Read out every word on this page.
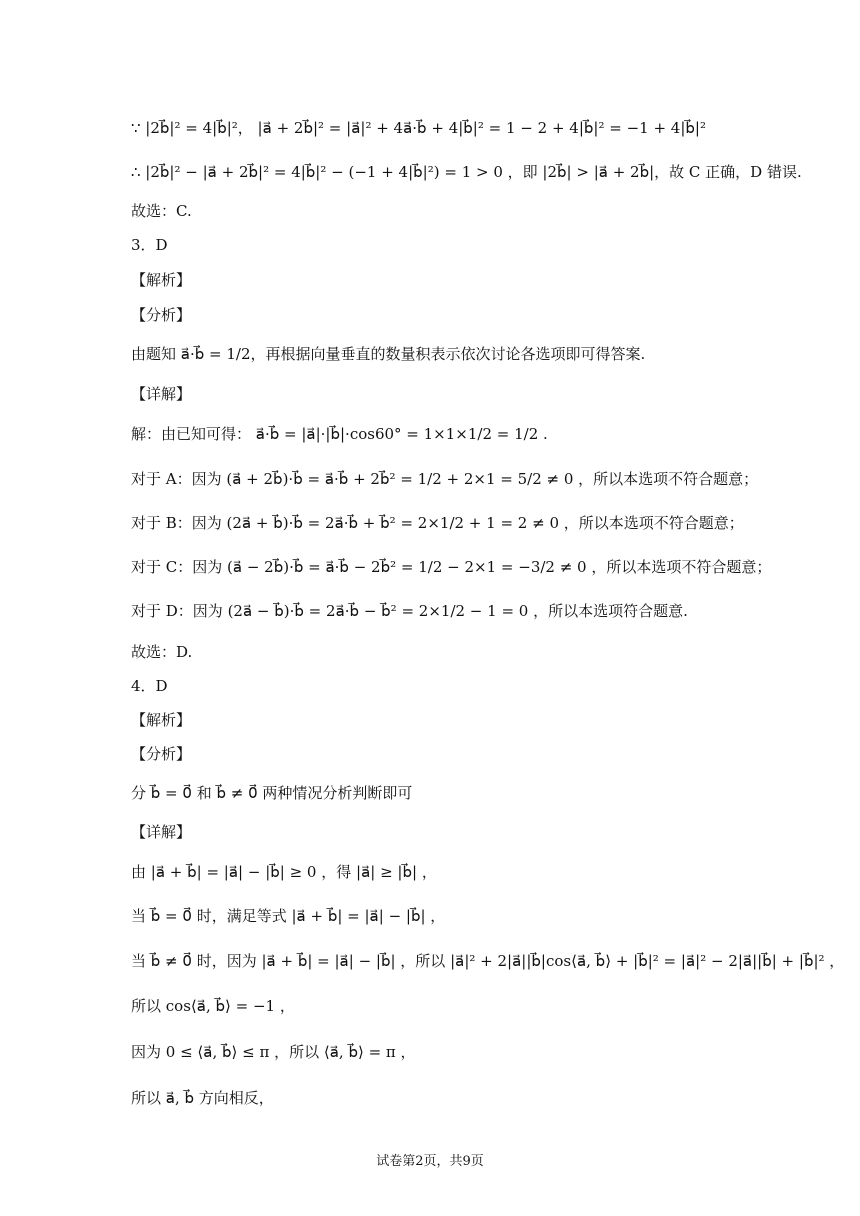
∵ |2b⃗|² = 4|b⃗|²， |a⃗ + 2b⃗|² = |a⃗|² + 4a⃗·b⃗ + 4|b⃗|² = 1 − 2 + 4|b⃗|² = −1 + 4|b⃗|²
∴ |2b⃗|² − |a⃗ + 2b⃗|² = 4|b⃗|² − (−1 + 4|b⃗|²) = 1 > 0 ，即 |2b⃗| > |a⃗ + 2b⃗|，故 C 正确，D 错误.
故选：C.
3．D
【解析】
【分析】
由题知 a⃗·b⃗ = 1/2，再根据向量垂直的数量积表示依次讨论各选项即可得答案.
【详解】
解：由已知可得： a⃗·b⃗ = |a⃗|·|b⃗|·cos60° = 1×1×1/2 = 1/2 .
对于 A：因为 (a⃗ + 2b⃗)·b⃗ = a⃗·b⃗ + 2b⃗² = 1/2 + 2×1 = 5/2 ≠ 0 ，所以本选项不符合题意；
对于 B：因为 (2a⃗ + b⃗)·b⃗ = 2a⃗·b⃗ + b⃗² = 2×1/2 + 1 = 2 ≠ 0 ，所以本选项不符合题意；
对于 C：因为 (a⃗ − 2b⃗)·b⃗ = a⃗·b⃗ − 2b⃗² = 1/2 − 2×1 = −3/2 ≠ 0 ，所以本选项不符合题意；
对于 D：因为 (2a⃗ − b⃗)·b⃗ = 2a⃗·b⃗ − b⃗² = 2×1/2 − 1 = 0 ，所以本选项符合题意.
故选：D.
4．D
【解析】
【分析】
分 b⃗ = 0⃗ 和 b⃗ ≠ 0⃗ 两种情况分析判断即可
【详解】
由 |a⃗ + b⃗| = |a⃗| − |b⃗| ≥ 0 ，得 |a⃗| ≥ |b⃗| ，
当 b⃗ = 0⃗ 时，满足等式 |a⃗ + b⃗| = |a⃗| − |b⃗| ，
当 b⃗ ≠ 0⃗ 时，因为 |a⃗ + b⃗| = |a⃗| − |b⃗| ，所以 |a⃗|² + 2|a⃗||b⃗|cos⟨a⃗, b⃗⟩ + |b⃗|² = |a⃗|² − 2|a⃗||b⃗| + |b⃗|² ，
所以 cos⟨a⃗, b⃗⟩ = −1 ，
因为 0 ≤ ⟨a⃗, b⃗⟩ ≤ π ，所以 ⟨a⃗, b⃗⟩ = π ，
所以 a⃗, b⃗ 方向相反，
试卷第2页，共9页
